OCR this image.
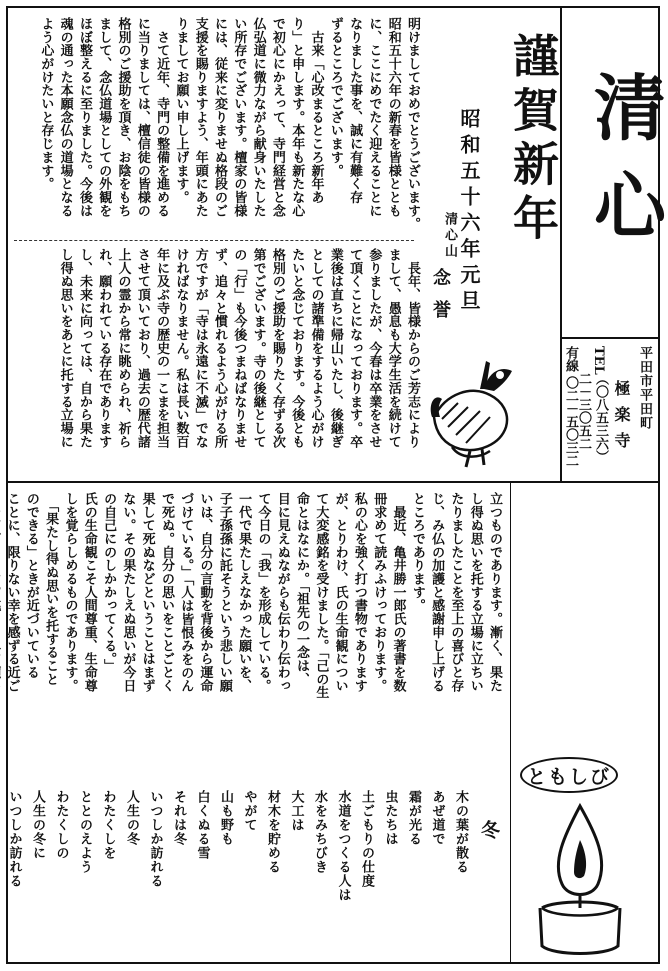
清心
平田市平田町
極楽寺
TEL
（〇八五三六）
二－三〇五二
有線
〇二－五〇三二
謹賀新年
昭和五十六年元旦
清心山
念誉
明けましておめでとうございます。
昭和五十六年の新春を皆様ととも
に、ここにめでたく迎えることに
なりました事を、誠に有難く存
ずるところでございます。
　古来「心改まるところ新年あ
り」と申します。本年も新たな心
で初心にかえって、寺門経営と念
仏弘道に微力ながら献身いたした
い所存でございます。檀家の皆様
には、従来に変りませぬ格段のご
支援を賜りますよう、年頭にあた
りましてお願い申し上げます。
　さて近年、寺門の整備を進める
に当りましては、檀信徒の皆様の
格別のご援助を頂き、お陰をもち
まして、念仏道場としての外観を
ほぼ整えるに至りました。今後は
魂の通った本願念仏の道場となる
よう心がけたいと存じます。
　長年、皆様からのご芳志により
まして、愚息も大学生活を続けて
参りましたが、今春は卒業をさせ
て頂くことになっております。卒
業後は直ちに帰山いたし、後継ぎ
としての諸準備をするよう心がけ
たいと念じております。今後とも
格別のご援助を賜りたく存ずる次
第でございます。寺の後継として
の「行」も今後つまねばなりませ
ず、追々と慣れるよう心がける所
方ですが「寺は永遠に不滅」でな
ければなりません。私は長い数百
年に及ぶ寺の歴史の一こまを担当
させて頂いており、過去の歴代諸
上人の霊から常に眺められ、祈ら
れ、願われている存在であります
し、未来に向っては、自から果た
し得ぬ思いをあとに托する立場に
立つものであります。漸く、果た
し得ぬ思いを托する立場に立ちい
たりましたことを至上の喜びと存
じ、み仏の加護と感謝申し上げる
ところであります。
　最近、亀井勝一郎氏の著書を数
冊求めて読みふけっております。
私の心を強く打つ書物であります
が、とりわけ、氏の生命観につい
て大変感銘を受けました。「己の生
命とはなにか。「祖先の一念は、
目に見えぬながらも伝わり伝わっ
て今日の「我」を形成している。
一代で果たしえなかった願いを、
子子孫孫に託そうという悲しい願
いは、自分の言動を背後から運命
づけている。」「人は皆恨みをのん
で死ぬ。自分の思いをことごとく
果して死ぬなどということはまず
ない。その果たしえぬ思いが今日
の自己にのしかかってくる。」
氏の生命観こそ人間尊重、生命尊
しを覚らしめるものであります。
　「果たし得ぬ思いを托すること
のできる」ときが近づいている
ことに、限りない幸を感ずる近ご

ともしび
冬
木の葉が散る
あぜ道で
霜が光る
虫たちは
土ごもりの仕度
水道をつくる人は
水をみちびき
大工は
材木を貯める
やがて
山も野も
白くぬる雪
それは冬
いつしか訪れる
人生の冬
わたくしを
ととのえよう
わたくしの
人生の冬に
いつしか訪れる
